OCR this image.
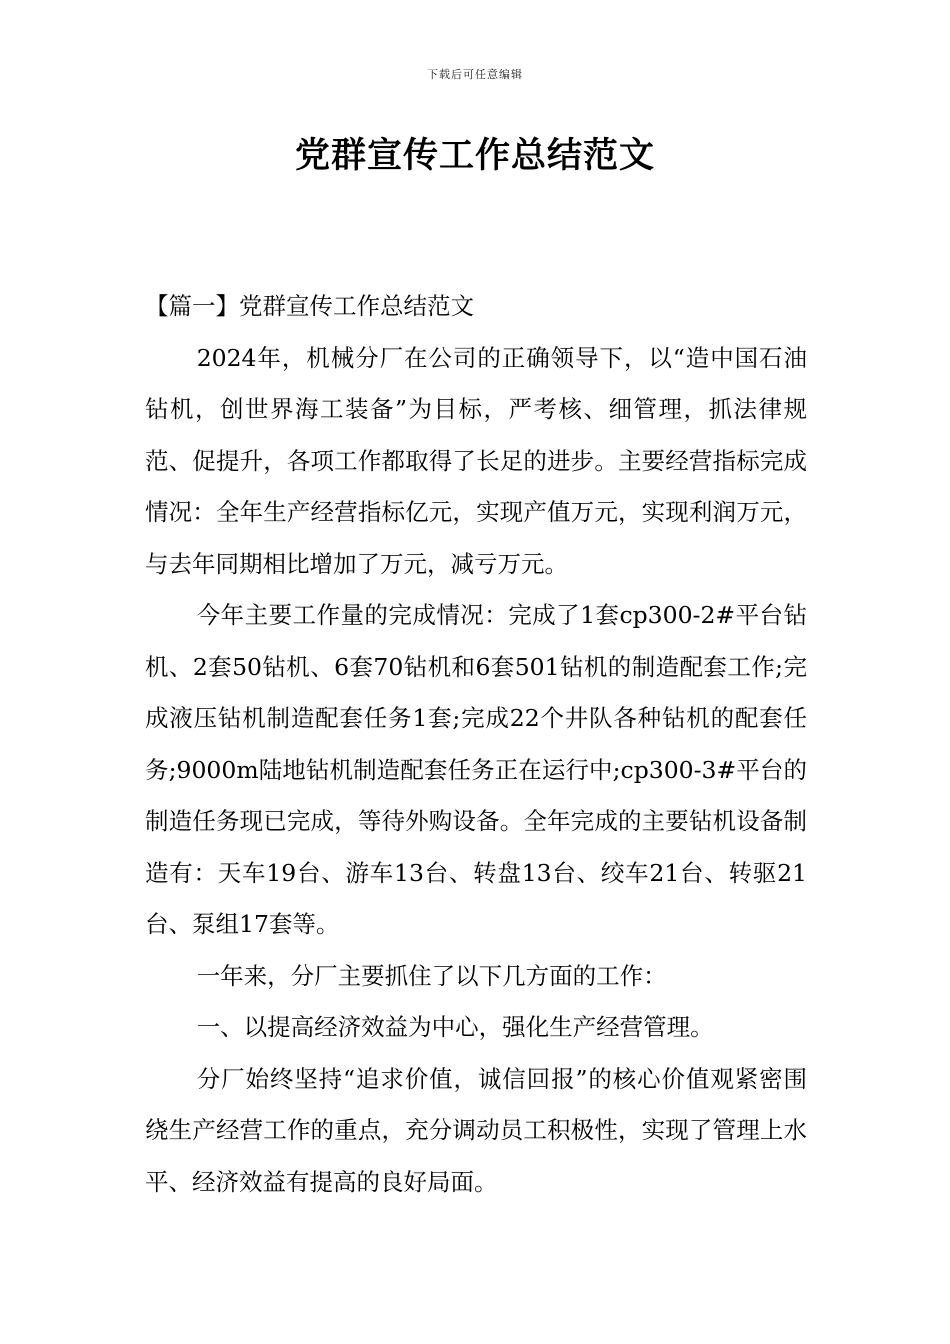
下载后可任意编辑
党群宣传工作总结范文

【篇一】党群宣传工作总结范文

2024年，机械分厂在公司的正确领导下，以“造中国石油钻机，创世界海工装备”为目标，严考核、细管理，抓法律规范、促提升，各项工作都取得了长足的进步。主要经营指标完成情况：全年生产经营指标亿元，实现产值万元，实现利润万元，与去年同期相比增加了万元，减亏万元。

今年主要工作量的完成情况：完成了1套cp300-2#平台钻机、2套50钻机、6套70钻机和6套501钻机的制造配套工作;完成液压钻机制造配套任务1套;完成22个井队各种钻机的配套任务;9000m陆地钻机制造配套任务正在运行中;cp300-3#平台的制造任务现已完成，等待外购设备。全年完成的主要钻机设备制造有：天车19台、游车13台、转盘13台、绞车21台、转驱21台、泵组17套等。

一年来，分厂主要抓住了以下几方面的工作：

一、以提高经济效益为中心，强化生产经营管理。

分厂始终坚持“追求价值，诚信回报”的核心价值观紧密围绕生产经营工作的重点，充分调动员工积极性，实现了管理上水平、经济效益有提高的良好局面。
